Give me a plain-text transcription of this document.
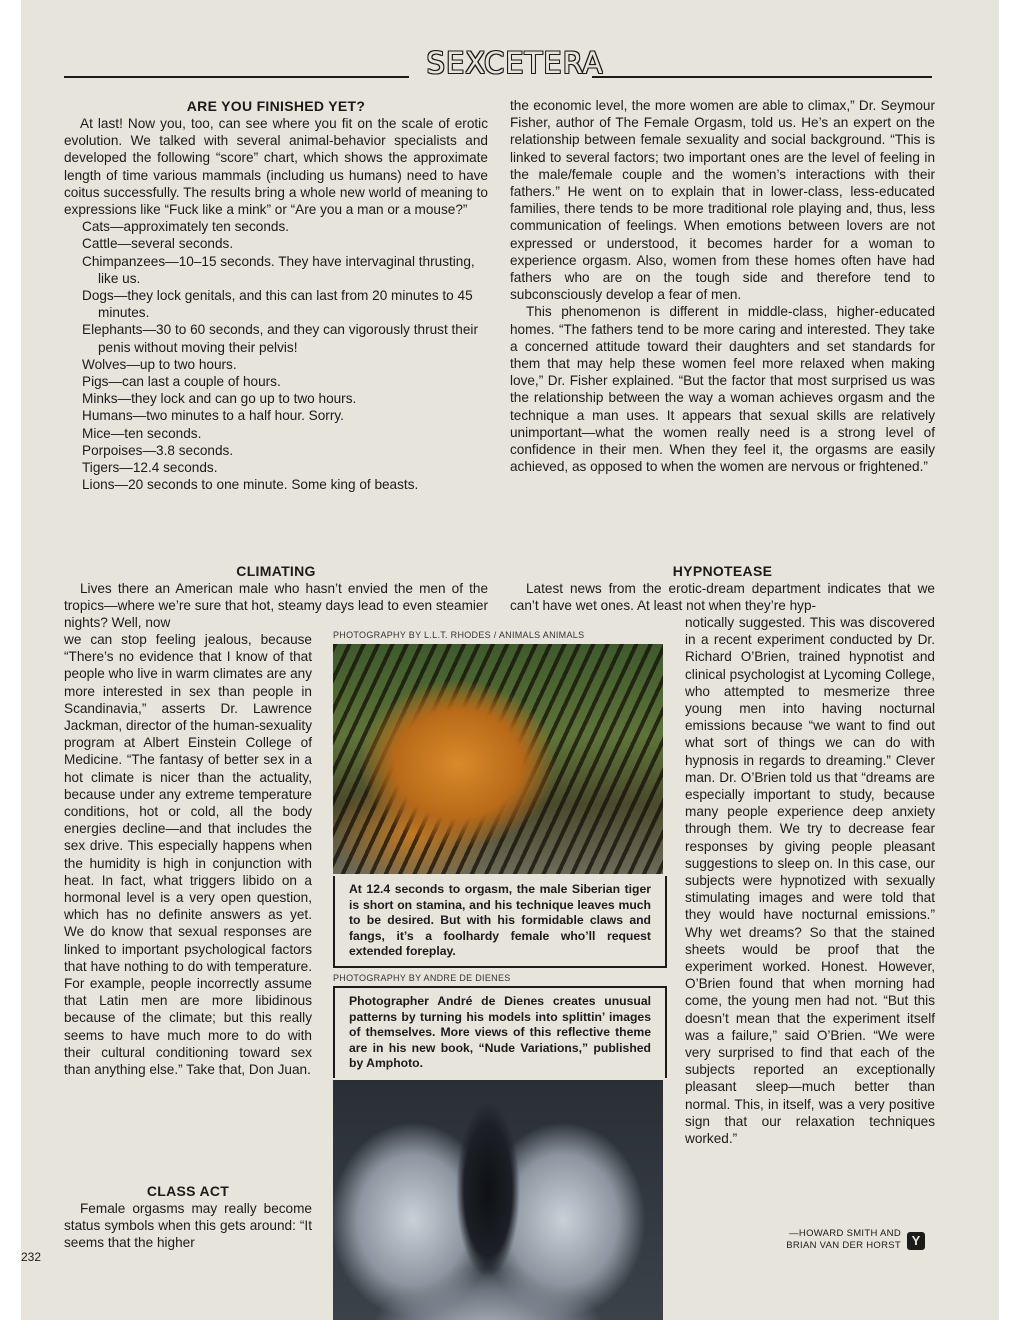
SEXCETERA
ARE YOU FINISHED YET?

At last! Now you, too, can see where you fit on the scale of erotic evolution. We talked with several animal-behavior specialists and developed the following “score” chart, which shows the approximate length of time various mammals (including us humans) need to have coitus successfully. The results bring a whole new world of meaning to expressions like “Fuck like a mink” or “Are you a man or a mouse?”

Cats—approximately ten seconds.
Cattle—several seconds.
Chimpanzees—10–15 seconds. They have intervaginal thrusting, like us.
Dogs—they lock genitals, and this can last from 20 minutes to 45 minutes.
Elephants—30 to 60 seconds, and they can vigorously thrust their penis without moving their pelvis!
Wolves—up to two hours.
Pigs—can last a couple of hours.
Minks—they lock and can go up to two hours.
Humans—two minutes to a half hour. Sorry.
Mice—ten seconds.
Porpoises—3.8 seconds.
Tigers—12.4 seconds.
Lions—20 seconds to one minute. Some king of beasts.

the economic level, the more women are able to climax,” Dr. Seymour Fisher, author of The Female Orgasm, told us. He’s an expert on the relationship between female sexuality and social background. “This is linked to several factors; two important ones are the level of feeling in the male/female couple and the women’s interactions with their fathers.” He went on to explain that in lower-class, less-educated families, there tends to be more traditional role playing and, thus, less communication of feelings. When emotions between lovers are not expressed or understood, it becomes harder for a woman to experience orgasm. Also, women from these homes often have had fathers who are on the tough side and therefore tend to subconsciously develop a fear of men.

This phenomenon is different in middle-class, higher-educated homes. “The fathers tend to be more caring and interested. They take a concerned attitude toward their daughters and set standards for them that may help these women feel more relaxed when making love,” Dr. Fisher explained. “But the factor that most surprised us was the relationship between the way a woman achieves orgasm and the technique a man uses. It appears that sexual skills are relatively unimportant—what the women really need is a strong level of confidence in their men. When they feel it, the orgasms are easily achieved, as opposed to when the women are nervous or frightened.”

CLIMATING

Lives there an American male who hasn’t envied the men of the tropics—where we’re sure that hot, steamy days lead to even steamier nights? Well, now

we can stop feeling jealous, because “There’s no evidence that I know of that people who live in warm climates are any more interested in sex than people in Scandinavia,” asserts Dr. Lawrence Jackman, director of the human-sexuality program at Albert Einstein College of Medicine. “The fantasy of better sex in a hot climate is nicer than the actuality, because under any extreme temperature conditions, hot or cold, all the body energies decline—and that includes the sex drive. This especially happens when the humidity is high in conjunction with heat. In fact, what triggers libido on a hormonal level is a very open question, which has no definite answers as yet. We do know that sexual responses are linked to important psychological factors that have nothing to do with temperature. For example, people incorrectly assume that Latin men are more libidinous because of the climate; but this really seems to have much more to do with their cultural conditioning toward sex than anything else.” Take that, Don Juan.

CLASS ACT

Female orgasms may really become status symbols when this gets around: “It seems that the higher

232
HYPNOTEASE

Latest news from the erotic-dream department indicates that we can’t have wet ones. At least not when they’re hyp-

notically suggested. This was discovered in a recent experiment conducted by Dr. Richard O’Brien, trained hypnotist and clinical psychologist at Lycoming College, who attempted to mesmerize three young men into having nocturnal emissions because “we want to find out what sort of things we can do with hypnosis in regards to dreaming.” Clever man. Dr. O’Brien told us that “dreams are especially important to study, because many people experience deep anxiety through them. We try to decrease fear responses by giving people pleasant suggestions to sleep on. In this case, our subjects were hypnotized with sexually stimulating images and were told that they would have nocturnal emissions.” Why wet dreams? So that the stained sheets would be proof that the experiment worked. Honest. However, O’Brien found that when morning had come, the young men had not. “But this doesn’t mean that the experiment itself was a failure,” said O’Brien. “We were very surprised to find that each of the subjects reported an exceptionally pleasant sleep—much better than normal. This, in itself, was a very positive sign that our relaxation techniques worked.”

—HOWARD SMITH AND
BRIAN VAN DER HORST Y
PHOTOGRAPHY BY L.L.T. RHODES / ANIMALS ANIMALS
At 12.4 seconds to orgasm, the male Siberian tiger is short on stamina, and his technique leaves much to be desired. But with his formidable claws and fangs, it’s a foolhardy female who’ll request extended foreplay.
PHOTOGRAPHY BY ANDRE DE DIENES
Photographer André de Dienes creates unusual patterns by turning his models into splittin’ images of themselves. More views of this reflective theme are in his new book, “Nude Variations,” published by Amphoto.
